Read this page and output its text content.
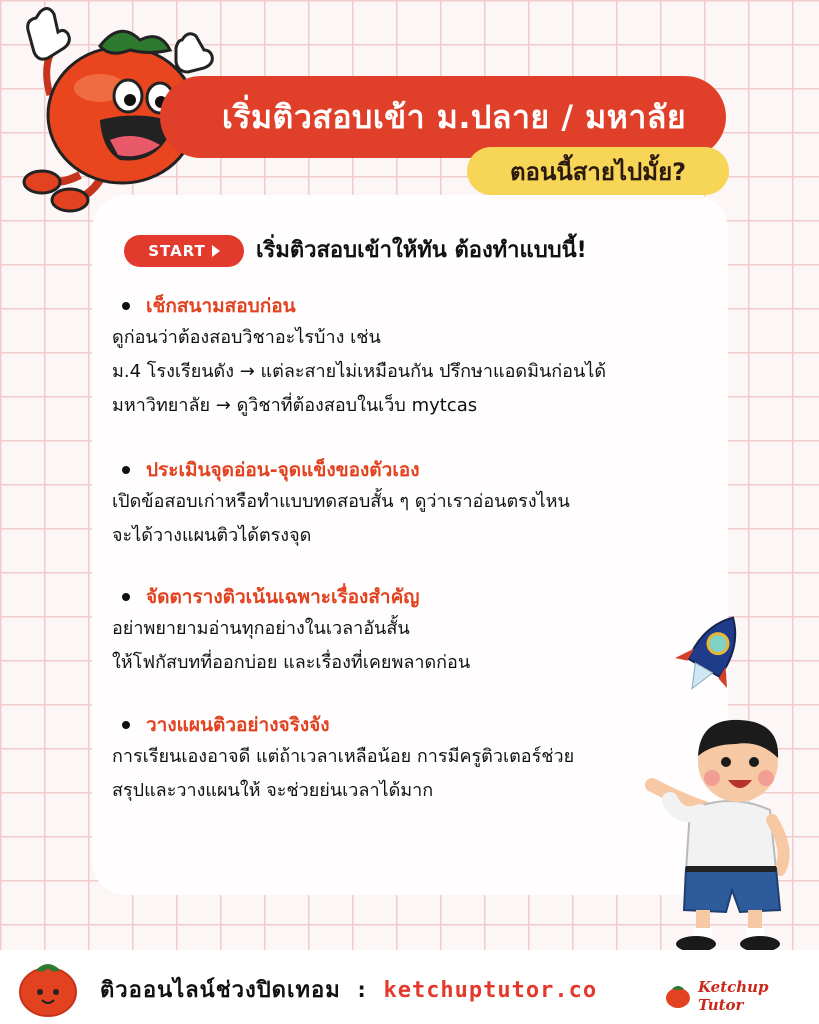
เริ่มติวสอบเข้า ม.ปลาย / มหาลัย
ตอนนี้สายไปมั้ย?
START เริ่มติวสอบเข้าให้ทัน ต้องทำแบบนี้!
เช็กสนามสอบก่อน
ดูก่อนว่าต้องสอบวิชาอะไรบ้าง เช่น
ม.4 โรงเรียนดัง → แต่ละสายไม่เหมือนกัน ปรึกษาแอดมินก่อนได้
มหาวิทยาลัย → ดูวิชาที่ต้องสอบในเว็บ mytcas
ประเมินจุดอ่อน-จุดแข็งของตัวเอง
เปิดข้อสอบเก่าหรือทำแบบทดสอบสั้น ๆ ดูว่าเราอ่อนตรงไหน
จะได้วางแผนติวได้ตรงจุด
จัดตารางติวเน้นเฉพาะเรื่องสำคัญ
อย่าพยายามอ่านทุกอย่างในเวลาอันสั้น
ให้โฟกัสบทที่ออกบ่อย และเรื่องที่เคยพลาดก่อน
วางแผนติวอย่างจริงจัง
การเรียนเองอาจดี แต่ถ้าเวลาเหลือน้อย การมีครูติวเตอร์ช่วย
สรุปและวางแผนให้ จะช่วยย่นเวลาได้มาก
ติวออนไลน์ช่วงปิดเทอม : ketchuptutor.co	Ketchup Tutor
